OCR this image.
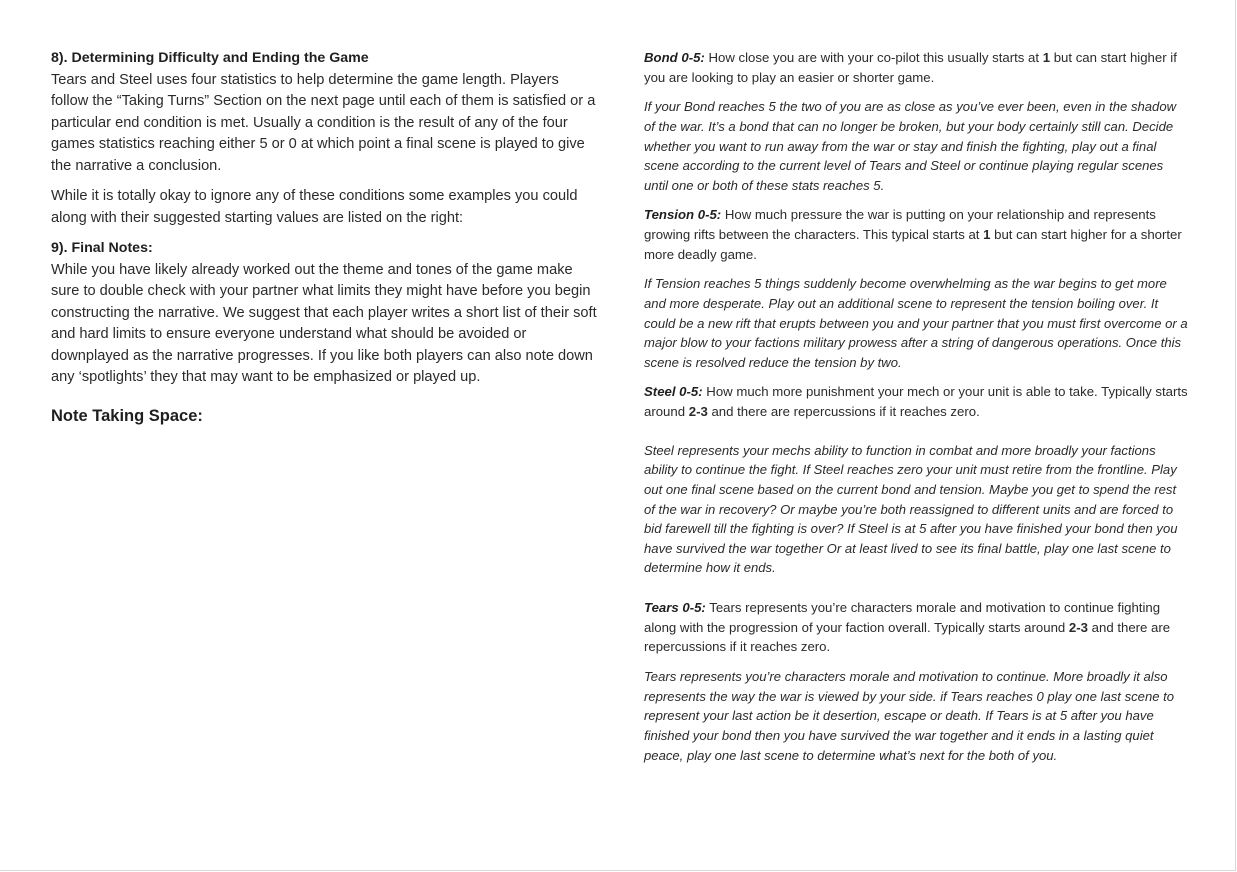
8). Determining Difficulty and Ending the Game

Tears and Steel uses four statistics to help determine the game length. Players follow the “Taking Turns” Section on the next page until each of them is satisfied or a particular end condition is met. Usually a condition is the result of any of the four games statistics reaching either 5 or 0 at which point a final scene is played to give the narrative a conclusion.

While it is totally okay to ignore any of these conditions some examples you could along with their suggested starting values are listed on the right:

9). Final Notes:

While you have likely already worked out the theme and tones of the game make sure to double check with your partner what limits they might have before you begin constructing the narrative. We suggest that each player writes a short list of their soft and hard limits to ensure everyone understand what should be avoided or downplayed as the narrative progresses. If you like both players can also note down any ‘spotlights’ they that may want to be emphasized or played up.

Note Taking Space:

Bond 0-5: How close you are with your co-pilot this usually starts at 1 but can start higher if you are looking to play an easier or shorter game.

If your Bond reaches 5 the two of you are as close as you’ve ever been, even in the shadow of the war. It’s a bond that can no longer be broken, but your body certainly still can. Decide whether you want to run away from the war or stay and finish the fighting, play out a final scene according to the current level of Tears and Steel or continue playing regular scenes until one or both of these stats reaches 5.

Tension 0-5: How much pressure the war is putting on your relationship and represents growing rifts between the characters. This typical starts at 1 but can start higher for a shorter more deadly game.

If Tension reaches 5 things suddenly become overwhelming as the war begins to get more and more desperate. Play out an additional scene to represent the tension boiling over. It could be a new rift that erupts between you and your partner that you must first overcome or a major blow to your factions military prowess after a string of dangerous operations. Once this scene is resolved reduce the tension by two.

Steel 0-5: How much more punishment your mech or your unit is able to take. Typically starts around 2-3 and there are repercussions if it reaches zero.

Steel represents your mechs ability to function in combat and more broadly your factions ability to continue the fight. If Steel reaches zero your unit must retire from the frontline. Play out one final scene based on the current bond and tension. Maybe you get to spend the rest of the war in recovery? Or maybe you’re both reassigned to different units and are forced to bid farewell till the fighting is over? If Steel is at 5 after you have finished your bond then you have survived the war together Or at least lived to see its final battle, play one last scene to determine how it ends.

Tears 0-5: Tears represents you’re characters morale and motivation to continue fighting along with the progression of your faction overall. Typically starts around 2-3 and there are repercussions if it reaches zero.

Tears represents you’re characters morale and motivation to continue. More broadly it also represents the way the war is viewed by your side. if Tears reaches 0 play one last scene to represent your last action be it desertion, escape or death. If Tears is at 5 after you have finished your bond then you have survived the war together and it ends in a lasting quiet peace, play one last scene to determine what’s next for the both of you.
